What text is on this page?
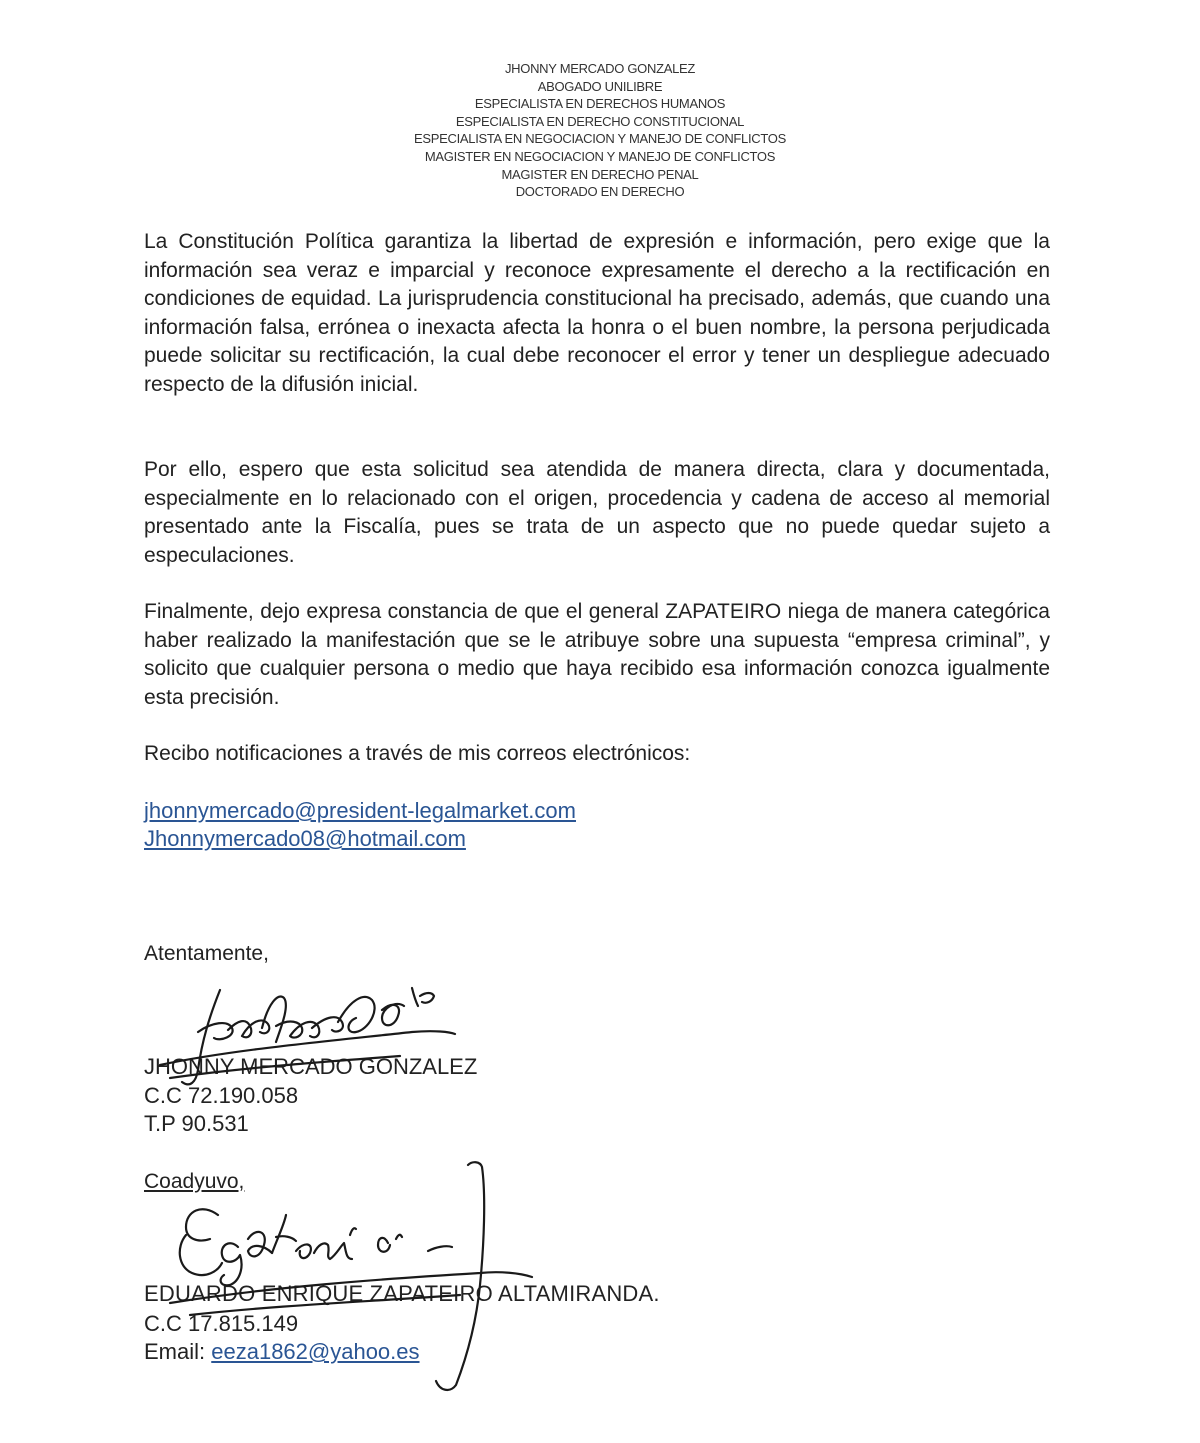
JHONNY MERCADO GONZALEZ
ABOGADO UNILIBRE
ESPECIALISTA EN DERECHOS HUMANOS
ESPECIALISTA EN DERECHO CONSTITUCIONAL
ESPECIALISTA EN NEGOCIACION Y MANEJO DE CONFLICTOS
MAGISTER EN NEGOCIACION Y MANEJO DE CONFLICTOS
MAGISTER EN DERECHO PENAL
DOCTORADO EN DERECHO

La Constitución Política garantiza la libertad de expresión e información, pero exige que la información sea veraz e imparcial y reconoce expresamente el derecho a la rectificación en condiciones de equidad. La jurisprudencia constitucional ha precisado, además, que cuando una información falsa, errónea o inexacta afecta la honra o el buen nombre, la persona perjudicada puede solicitar su rectificación, la cual debe reconocer el error y tener un despliegue adecuado respecto de la difusión inicial.

Por ello, espero que esta solicitud sea atendida de manera directa, clara y documentada, especialmente en lo relacionado con el origen, procedencia y cadena de acceso al memorial presentado ante la Fiscalía, pues se trata de un aspecto que no puede quedar sujeto a especulaciones.

Finalmente, dejo expresa constancia de que el general ZAPATEIRO niega de manera categórica haber realizado la manifestación que se le atribuye sobre una supuesta “empresa criminal”, y solicito que cualquier persona o medio que haya recibido esa información conozca igualmente esta precisión.

Recibo notificaciones a través de mis correos electrónicos:

jhonnymercado@president-legalmarket.com
Jhonnymercado08@hotmail.com
Atentamente,
JHONNY MERCADO GONZALEZ
C.C 72.190.058
T.P 90.531
Coadyuvo,
EDUARDO ENRIQUE ZAPATEIRO ALTAMIRANDA.
C.C 17.815.149
Email: eeza1862@yahoo.es
